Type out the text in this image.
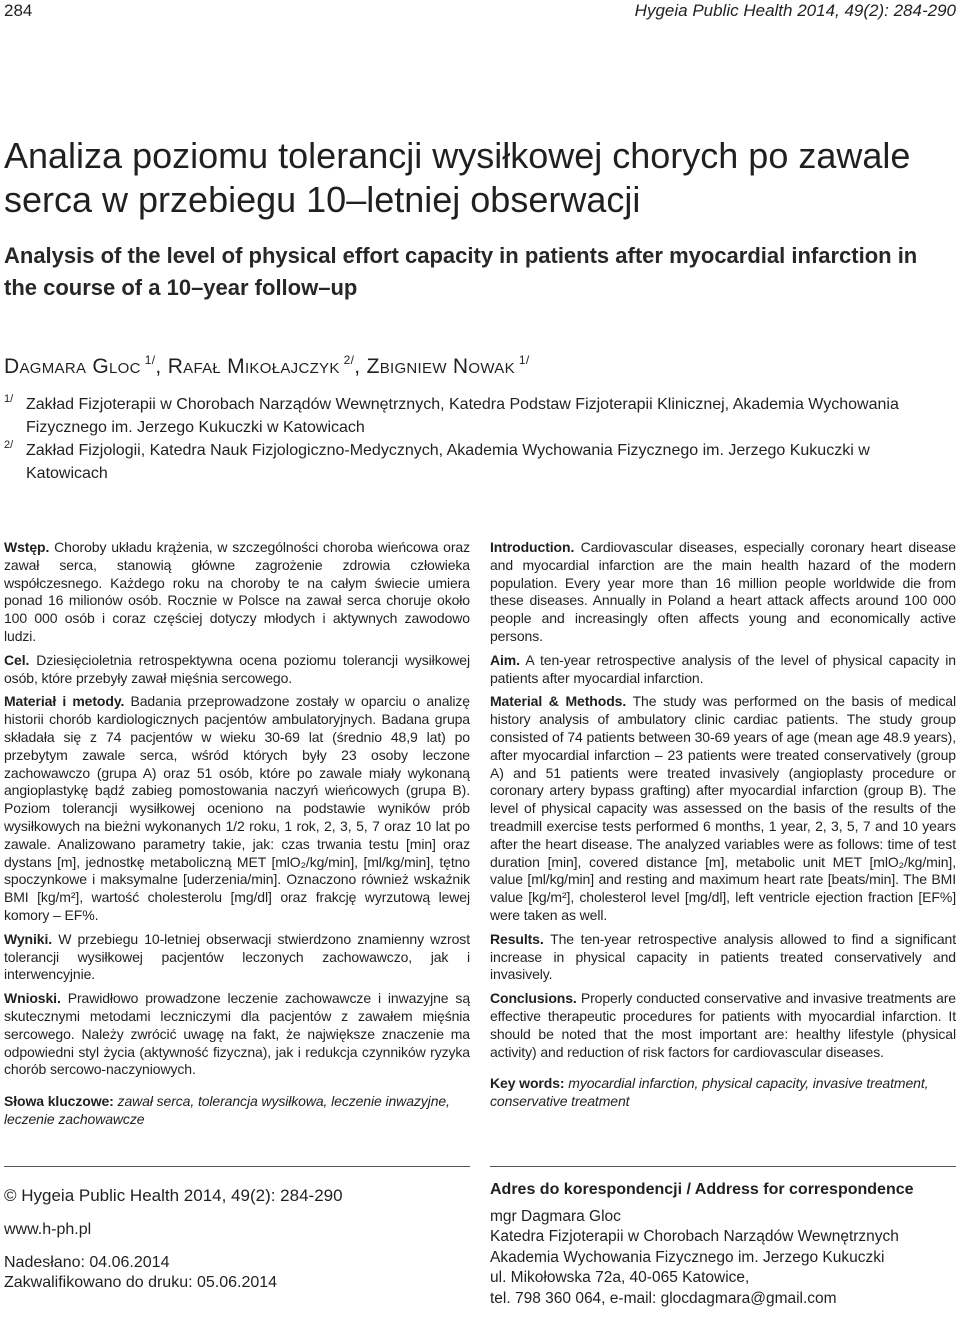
284	Hygeia Public Health 2014, 49(2): 284-290
Analiza poziomu tolerancji wysiłkowej chorych po zawale serca w przebiegu 10–letniej obserwacji
Analysis of the level of physical effort capacity in patients after myocardial infarction in the course of a 10–year follow–up
Dagmara Gloc $^{1/}$, Rafał Mikołajczyk $^{2/}$, Zbigniew Nowak $^{1/}$
1/ Zakład Fizjoterapii w Chorobach Narządów Wewnętrznych, Katedra Podstaw Fizjoterapii Klinicznej, Akademia Wychowania Fizycznego im. Jerzego Kukuczki w Katowicach
2/ Zakład Fizjologii, Katedra Nauk Fizjologiczno-Medycznych, Akademia Wychowania Fizycznego im. Jerzego Kukuczki w Katowicach

Wstęp. Choroby układu krążenia, w szczególności choroba wieńcowa oraz zawał serca, stanowią główne zagrożenie zdrowia człowieka współczesnego. Każdego roku na choroby te na całym świecie umiera ponad 16 milionów osób. Rocznie w Polsce na zawał serca choruje około 100 000 osób i coraz częściej dotyczy młodych i aktywnych zawodowo ludzi.

Cel. Dziesięcioletnia retrospektywna ocena poziomu tolerancji wysiłkowej osób, które przebyły zawał mięśnia sercowego.

Materiał i metody. Badania przeprowadzone zostały w oparciu o analizę historii chorób kardiologicznych pacjentów ambulatoryjnych. Badana grupa składała się z 74 pacjentów w wieku 30-69 lat (średnio 48,9 lat) po przebytym zawale serca, wśród których były 23 osoby leczone zachowawczo (grupa A) oraz 51 osób, które po zawale miały wykonaną angioplastykę bądź zabieg pomostowania naczyń wieńcowych (grupa B). Poziom tolerancji wysiłkowej oceniono na podstawie wyników prób wysiłkowych na bieżni wykonanych 1/2 roku, 1 rok, 2, 3, 5, 7 oraz 10 lat po zawale. Analizowano parametry takie, jak: czas trwania testu [min] oraz dystans [m], jednostkę metaboliczną MET [mlO₂/kg/min], [ml/kg/min], tętno spoczynkowe i maksymalne [uderzenia/min]. Oznaczono również wskaźnik BMI [kg/m²], wartość cholesterolu [mg/dl] oraz frakcję wyrzutową lewej komory – EF%.

Wyniki. W przebiegu 10-letniej obserwacji stwierdzono znamienny wzrost tolerancji wysiłkowej pacjentów leczonych zachowawczo, jak i interwencyjnie.

Wnioski. Prawidłowo prowadzone leczenie zachowawcze i inwazyjne są skutecznymi metodami leczniczymi dla pacjentów z zawałem mięśnia sercowego. Należy zwrócić uwagę na fakt, że największe znaczenie ma odpowiedni styl życia (aktywność fizyczna), jak i redukcja czynników ryzyka chorób sercowo-naczyniowych.

Słowa kluczowe: zawał serca, tolerancja wysiłkowa, leczenie inwazyjne, leczenie zachowawcze

Introduction. Cardiovascular diseases, especially coronary heart disease and myocardial infarction are the main health hazard of the modern population. Every year more than 16 million people worldwide die from these diseases. Annually in Poland a heart attack affects around 100 000 people and increasingly often affects young and economically active persons.

Aim. A ten-year retrospective analysis of the level of physical capacity in patients after myocardial infarction.

Material & Methods. The study was performed on the basis of medical history analysis of ambulatory clinic cardiac patients. The study group consisted of 74 patients between 30-69 years of age (mean age 48.9 years), after myocardial infarction – 23 patients were treated conservatively (group A) and 51 patients were treated invasively (angioplasty procedure or coronary artery bypass grafting) after myocardial infarction (group B). The level of physical capacity was assessed on the basis of the results of the treadmill exercise tests performed 6 months, 1 year, 2, 3, 5, 7 and 10 years after the heart disease. The analyzed variables were as follows: time of test duration [min], covered distance [m], metabolic unit MET [mlO₂/kg/min], value [ml/kg/min] and resting and maximum heart rate [beats/min]. The BMI value [kg/m²], cholesterol level [mg/dl], left ventricle ejection fraction [EF%] were taken as well.

Results. The ten-year retrospective analysis allowed to find a significant increase in physical capacity in patients treated conservatively and invasively.

Conclusions. Properly conducted conservative and invasive treatments are effective therapeutic procedures for patients with myocardial infarction. It should be noted that the most important are: healthy lifestyle (physical activity) and reduction of risk factors for cardiovascular diseases.

Key words: myocardial infarction, physical capacity, invasive treatment, conservative treatment

© Hygeia Public Health 2014, 49(2): 284-290
www.h-ph.pl
Nadesłano: 04.06.2014
Zakwalifikowano do druku: 05.06.2014
Adres do korespondencji / Address for correspondence
mgr Dagmara Gloc
Katedra Fizjoterapii w Chorobach Narządów Wewnętrznych
Akademia Wychowania Fizycznego im. Jerzego Kukuczki
ul. Mikołowska 72a, 40-065 Katowice,
tel. 798 360 064, e-mail: glocdagmara@gmail.com
